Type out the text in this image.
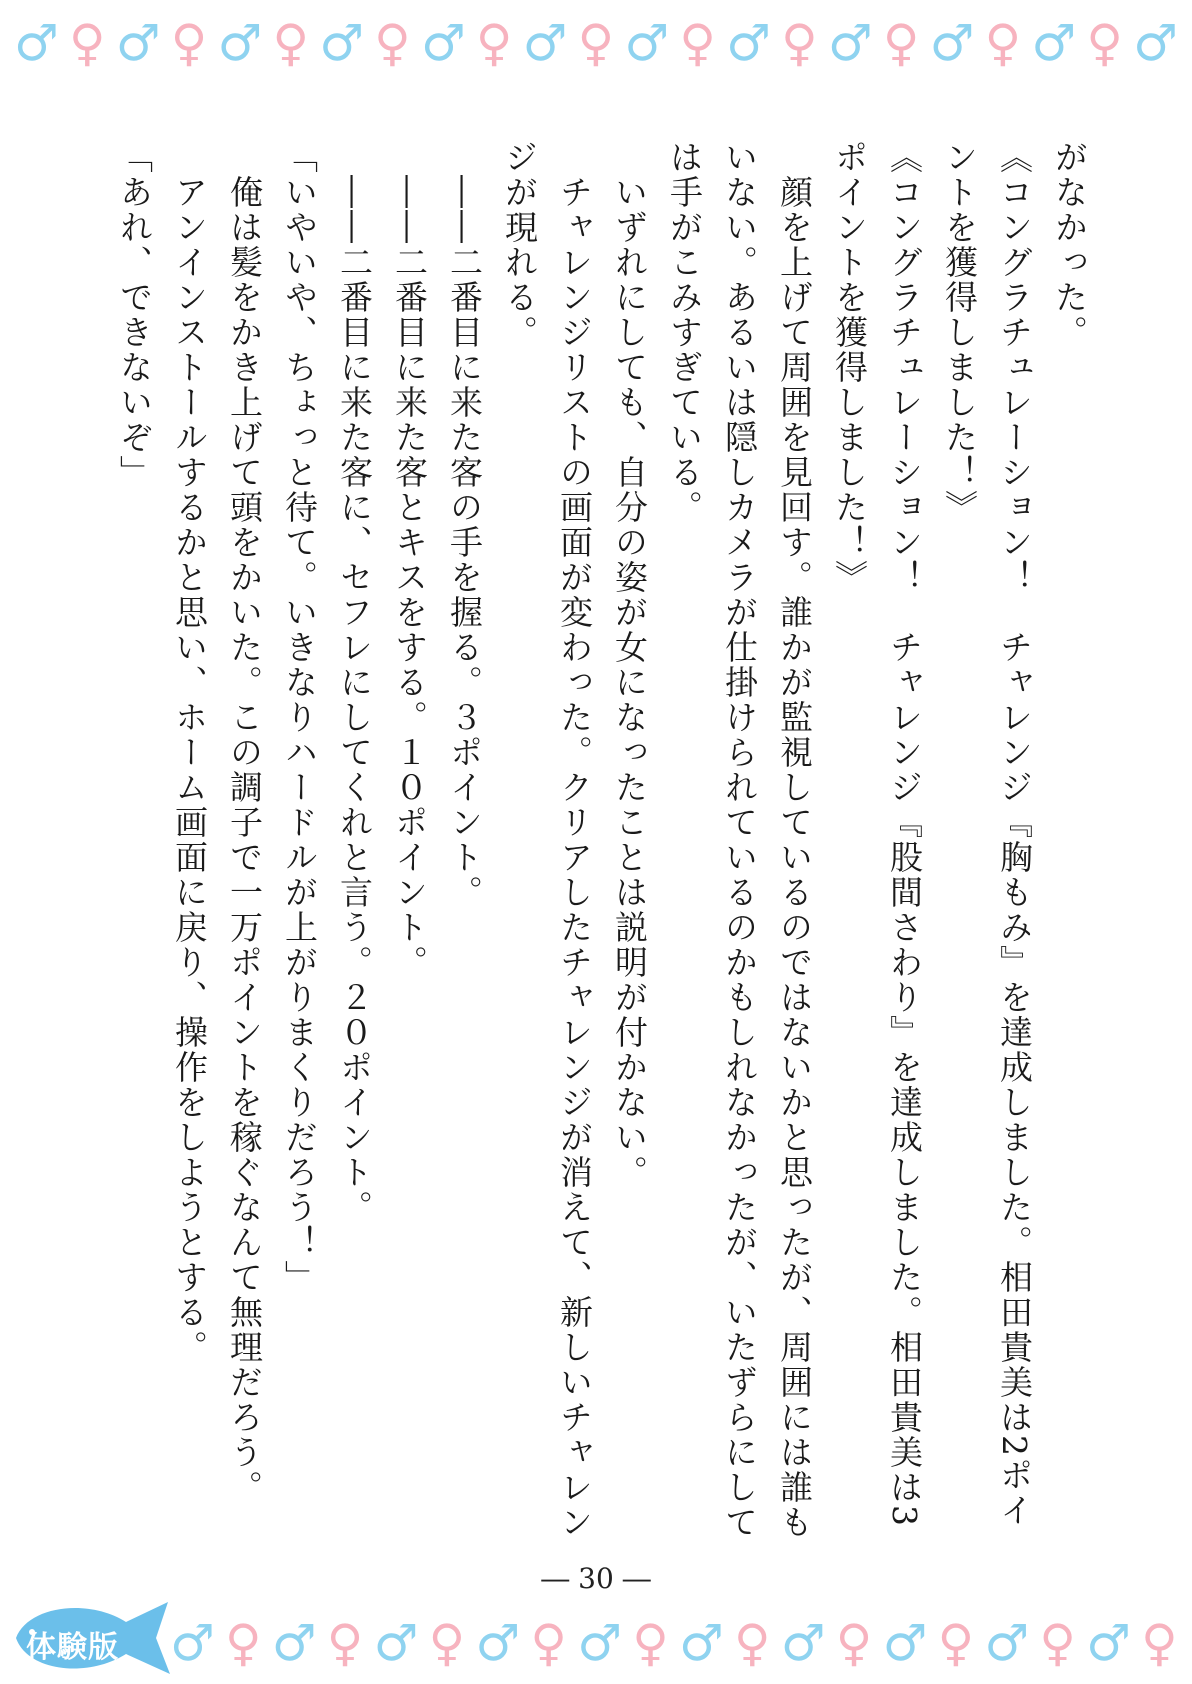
♂ ♀ ♂ ♀ ♂ ♀ ♂ ♀ ♂ ♀ ♂ ♀ ♂ ♀ ♂ ♀ ♂ ♀ ♂ ♀ ♂ ♀ ♂

がなかった。

《コングラチュレーション！　チャレンジ『胸もみ』を達成しました。相田貴美は2ポイントを獲得しました！》

《コングラチュレーション！　チャレンジ『股間さわり』を達成しました。相田貴美は3ポイントを獲得しました！》

　顔を上げて周囲を見回す。誰かが監視しているのではないかと思ったが、周囲には誰もいない。あるいは隠しカメラが仕掛けられているのかもしれなかったが、いたずらにしては手がこみすぎている。

　いずれにしても、自分の姿が女になったことは説明が付かない。

　チャレンジリストの画面が変わった。クリアしたチャレンジが消えて、新しいチャレンジが現れる。

　――二番目に来た客の手を握る。３ポイント。

　――二番目に来た客とキスをする。１０ポイント。

　――二番目に来た客に、セフレにしてくれと言う。２０ポイント。

「いやいや、ちょっと待て。いきなりハードルが上がりまくりだろう！」

　俺は髪をかき上げて頭をかいた。この調子で一万ポイントを稼ぐなんて無理だろう。

　アンインストールするかと思い、ホーム画面に戻り、操作をしようとする。

「あれ、できないぞ」

― 30 ―
♂ ♀ ♂ ♀ ♂ ♀ ♂ ♀ ♂ ♀ ♂ ♀ ♂ ♀ ♂ ♀ ♂ ♀ ♂ ♀
体験版
